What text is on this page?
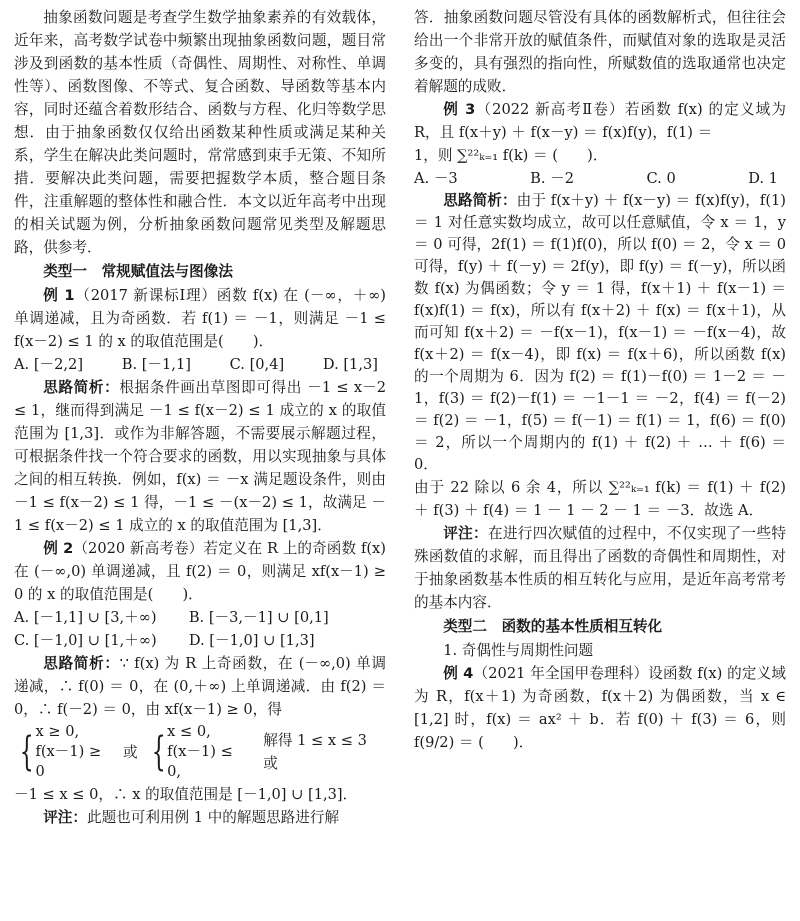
抽象函数问题是考查学生数学抽象素养的有效载体，近年来，高考数学试卷中频繁出现抽象函数问题，题目常涉及到函数的基本性质（奇偶性、周期性、对称性、单调性等）、函数图像、不等式、复合函数、导函数等基本内容，同时还蕴含着数形结合、函数与方程、化归等数学思想．由于抽象函数仅仅给出函数某种性质或满足某种关系，学生在解决此类问题时，常常感到束手无策、不知所措．要解决此类问题，需要把握数学本质，整合题目条件，注重解题的整体性和融合性．本文以近年高考中出现的相关试题为例，分析抽象函数问题常见类型及解题思路，供参考．

类型一　常规赋值法与图像法

例 1（2017 新课标Ⅰ理）函数 f(x) 在 (－∞，＋∞) 单调递减，且为奇函数．若 f(1) ＝ －1，则满足 －1 ≤ f(x－2) ≤ 1 的 x 的取值范围是(　　)．

A. [－2,2]	B. [－1,1]	C. [0,4]	D. [1,3]

思路简析：根据条件画出草图即可得出 －1 ≤ x－2 ≤ 1，继而得到满足 －1 ≤ f(x－2) ≤ 1 成立的 x 的取值范围为 [1,3]．或作为非解答题，不需要展示解题过程，可根据条件找一个符合要求的函数，用以实现抽象与具体之间的相互转换．例如，f(x) ＝ －x 满足题设条件，则由 －1 ≤ f(x－2) ≤ 1 得，－1 ≤ －(x－2) ≤ 1，故满足 －1 ≤ f(x－2) ≤ 1 成立的 x 的取值范围为 [1,3]．

例 2（2020 新高考卷）若定义在 R 上的奇函数 f(x) 在 (－∞,0) 单调递减，且 f(2) ＝ 0，则满足 xf(x－1) ≥ 0 的 x 的取值范围是(　　)．

A. [－1,1] ∪ [3,＋∞)	B. [－3,－1] ∪ [0,1]
C. [－1,0] ∪ [1,＋∞)	D. [－1,0] ∪ [1,3]

思路简析：∵ f(x) 为 R 上奇函数，在 (－∞,0) 单调递减，∴ f(0) ＝ 0，在 (0,＋∞) 上单调递减．由 f(2) ＝ 0，∴ f(－2) ＝ 0，由 xf(x－1) ≥ 0，得

{ x ≥ 0,
f(x－1) ≥ 0
或 { x ≤ 0,
f(x－1) ≤ 0,
解得 1 ≤ x ≤ 3 或

－1 ≤ x ≤ 0，∴ x 的取值范围是 [－1,0] ∪ [1,3]．

评注：此题也可利用例 1 中的解题思路进行解

答．抽象函数问题尽管没有具体的函数解析式，但往往会给出一个非常开放的赋值条件，而赋值对象的选取是灵活多变的，具有强烈的指向性，所赋数值的选取通常也决定着解题的成败．

例 3（2022 新高考Ⅱ卷）若函数 f(x) 的定义域为 R，且 f(x＋y) ＋ f(x－y) ＝ f(x)f(y)，f(1) ＝

1，则 ∑²²ₖ₌₁ f(k) ＝ (　　)．

A. －3	B. －2	C. 0	D. 1

思路简析：由于 f(x＋y) ＋ f(x－y) ＝ f(x)f(y)，f(1) ＝ 1 对任意实数均成立，故可以任意赋值，令 x ＝ 1，y ＝ 0 可得，2f(1) ＝ f(1)f(0)，所以 f(0) ＝ 2，令 x ＝ 0 可得，f(y) ＋ f(－y) ＝ 2f(y)，即 f(y) ＝ f(－y)，所以函数 f(x) 为偶函数；令 y ＝ 1 得，f(x＋1) ＋ f(x－1) ＝ f(x)f(1) ＝ f(x)，所以有 f(x＋2) ＋ f(x) ＝ f(x＋1)，从而可知 f(x＋2) ＝ －f(x－1)，f(x－1) ＝ －f(x－4)，故 f(x＋2) ＝ f(x－4)，即 f(x) ＝ f(x＋6)，所以函数 f(x) 的一个周期为 6．因为 f(2) ＝ f(1)－f(0) ＝ 1－2 ＝ －1，f(3) ＝ f(2)－f(1) ＝ －1－1 ＝ －2，f(4) ＝ f(－2) ＝ f(2) ＝ －1，f(5) ＝ f(－1) ＝ f(1) ＝ 1，f(6) ＝ f(0) ＝ 2，所以一个周期内的 f(1) ＋ f(2) ＋ … ＋ f(6) ＝ 0．

由于 22 除以 6 余 4，所以 ∑²²ₖ₌₁ f(k) ＝ f(1) ＋ f(2) ＋ f(3) ＋ f(4) ＝ 1 － 1 － 2 － 1 ＝ －3．故选 A．

评注：在进行四次赋值的过程中，不仅实现了一些特殊函数值的求解，而且得出了函数的奇偶性和周期性，对于抽象函数基本性质的相互转化与应用，是近年高考常考的基本内容．

类型二　函数的基本性质相互转化

1. 奇偶性与周期性问题

例 4（2021 年全国甲卷理科）设函数 f(x) 的定义域为 R，f(x＋1) 为奇函数，f(x＋2) 为偶函数，当 x ∈ [1,2] 时，f(x) ＝ ax² ＋ b．若 f(0) ＋ f(3) ＝ 6，则 f(9/2) ＝ (　　)．
